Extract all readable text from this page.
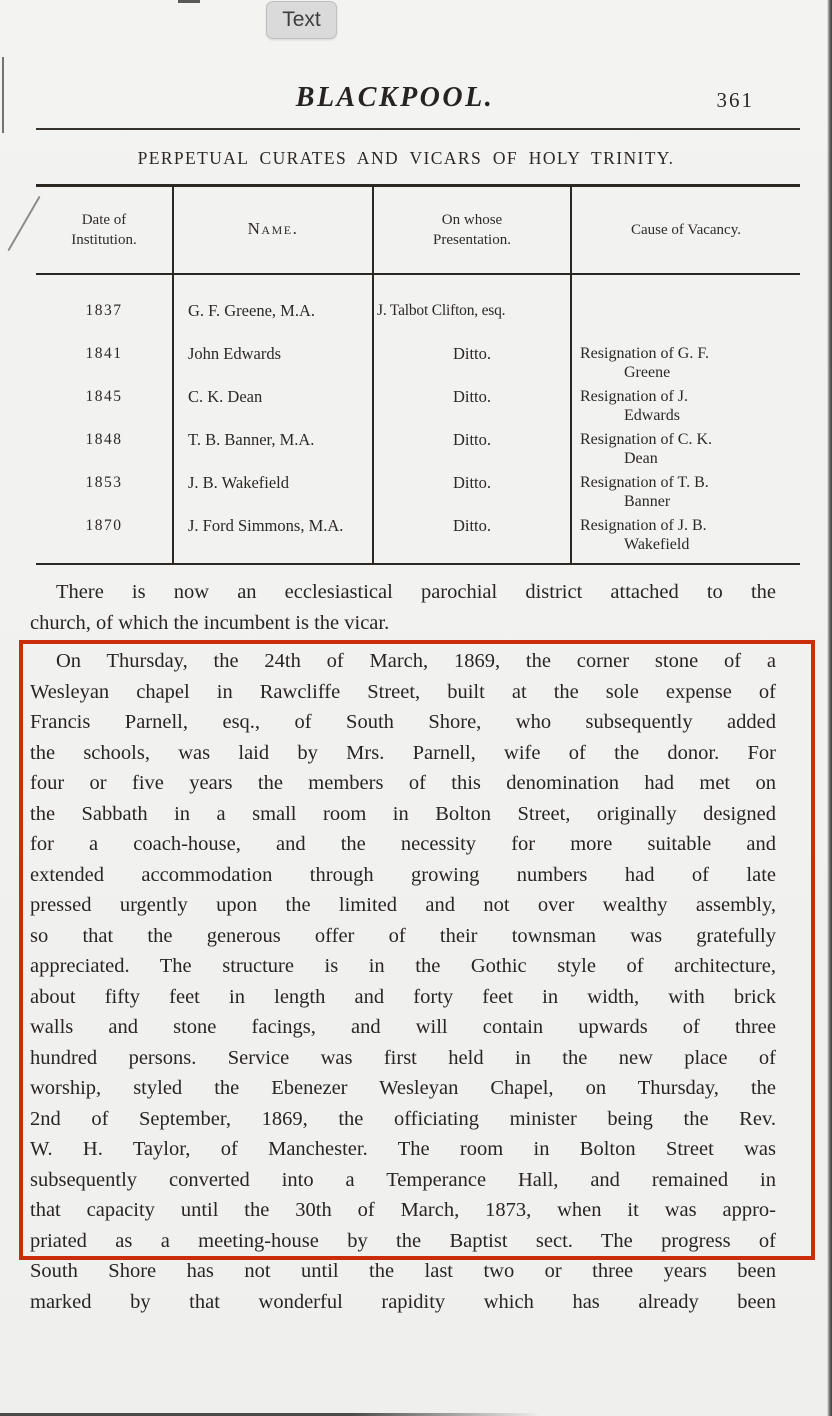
BLACKPOOL.	361
PERPETUAL CURATES AND VICARS OF HOLY TRINITY.
Date of Institution.	Name.	On whose Presentation.	Cause of Vacancy.
1837	G. F. Greene, M.A.	J. Talbot Clifton, esq.	

1841	John Edwards	Ditto.	Resignation of G. F.
Greene

1845	C. K. Dean	Ditto.	Resignation of J.
Edwards

1848	T. B. Banner, M.A.	Ditto.	Resignation of C. K.
Dean

1853	J. B. Wakefield	Ditto.	Resignation of T. B.
Banner

1870	J. Ford Simmons, M.A.	Ditto.	Resignation of J. B.
Wakefield
There is now an ecclesiastical parochial district attached to the
church, of which the incumbent is the vicar.
On Thursday, the 24th of March, 1869, the corner stone of a
Wesleyan chapel in Rawcliffe Street, built at the sole expense of
Francis Parnell, esq., of South Shore, who subsequently added
the schools, was laid by Mrs. Parnell, wife of the donor. For
four or five years the members of this denomination had met on
the Sabbath in a small room in Bolton Street, originally designed
for a coach-house, and the necessity for more suitable and
extended accommodation through growing numbers had of late
pressed urgently upon the limited and not over wealthy assembly,
so that the generous offer of their townsman was gratefully
appreciated. The structure is in the Gothic style of architecture,
about fifty feet in length and forty feet in width, with brick
walls and stone facings, and will contain upwards of three
hundred persons. Service was first held in the new place of
worship, styled the Ebenezer Wesleyan Chapel, on Thursday, the
2nd of September, 1869, the officiating minister being the Rev.
W. H. Taylor, of Manchester. The room in Bolton Street was
subsequently converted into a Temperance Hall, and remained in
that capacity until the 30th of March, 1873, when it was appro-
priated as a meeting-house by the Baptist sect. The progress of
South Shore has not until the last two or three years been
marked by that wonderful rapidity which has already been
Text
